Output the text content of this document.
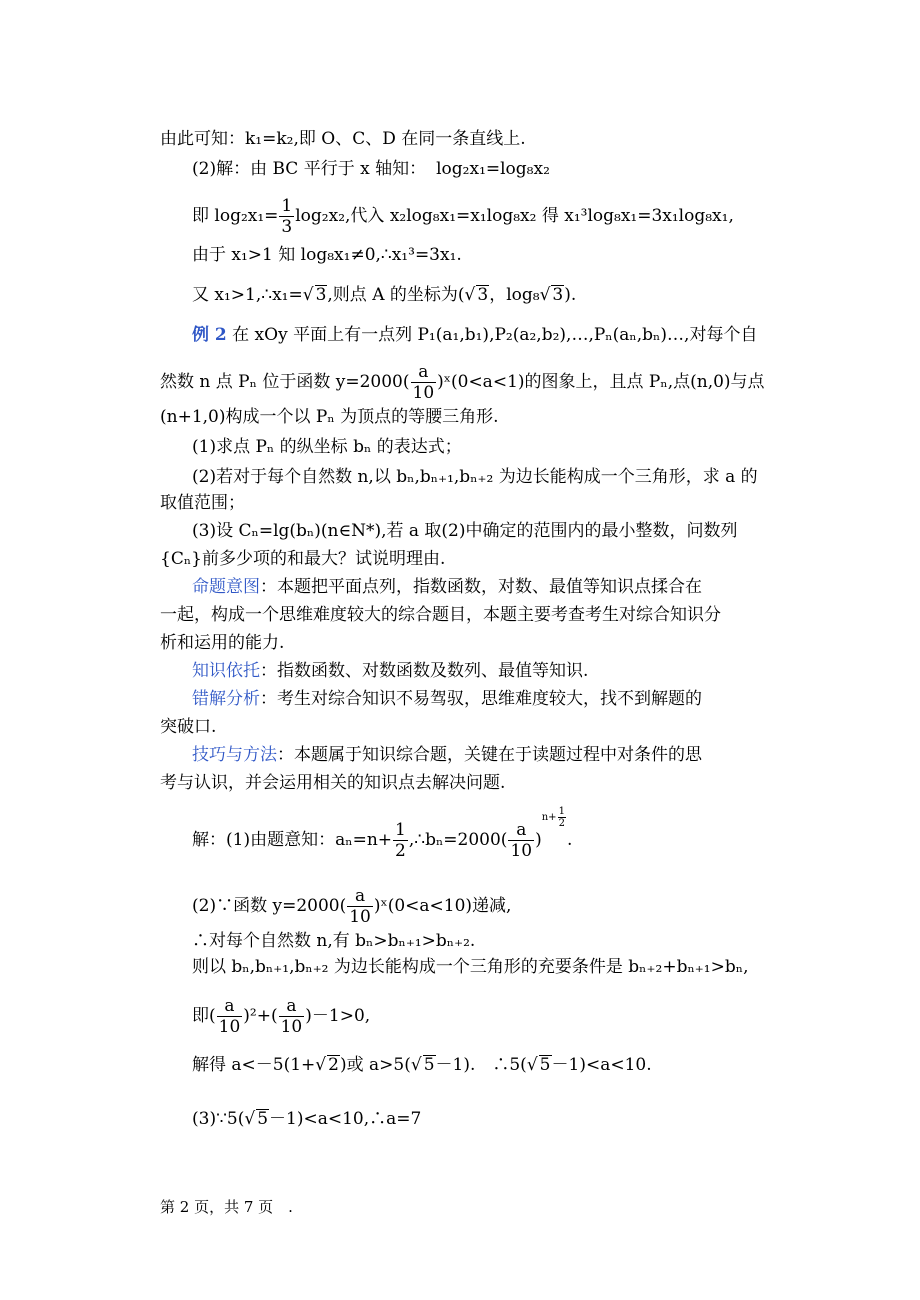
由此可知：k₁=k₂,即 O、C、D 在同一条直线上.
(2)解：由 BC 平行于 x 轴知： log₂x₁=log₈x₂
即 $\log_2x_1= \frac{1}{3} \log_2x_2$,代入 x₂log₈x₁=x₁log₈x₂ 得 x₁³log₈x₁=3x₁log₈x₁,
由于 x₁>1 知 log₈x₁≠0,∴x₁³=3x₁.
又 x₁>1,∴x₁=√ 3,则点 A 的坐标为(√ 3，log₈√ 3).
例 2 在 xOy 平面上有一点列 P₁(a₁,b₁),P₂(a₂,b₂),…,Pₙ(aₙ,bₙ)…,对每个自
然数 n 点 Pₙ 位于函数 $y=2000( \frac{a}{10}$ )ˣ(0<a<1)的图象上，且点 Pₙ,点(n,0)与点
(n+1,0)构成一个以 Pₙ 为顶点的等腰三角形.
(1)求点 Pₙ 的纵坐标 bₙ 的表达式；
(2)若对于每个自然数 n,以 bₙ,bₙ₊₁,bₙ₊₂ 为边长能构成一个三角形，求 a 的
取值范围；
(3)设 Cₙ=lg(bₙ)(n∈N*),若 a 取(2)中确定的范围内的最小整数，问数列
{Cₙ}前多少项的和最大？试说明理由.
命题意图：本题把平面点列，指数函数，对数、最值等知识点揉合在
一起，构成一个思维难度较大的综合题目，本题主要考查考生对综合知识分
析和运用的能力.
知识依托：指数函数、对数函数及数列、最值等知识.
错解分析：考生对综合知识不易驾驭，思维难度较大，找不到解题的
突破口.
技巧与方法：本题属于知识综合题，关键在于读题过程中对条件的思
考与认识，并会运用相关的知识点去解决问题.
解：(1)由题意知：$a_n=n+ \frac{1}{2}$ ,∴bₙ=2000( $\frac{a}{10} )n+ \frac{1}{2}$
.
(2)∵函数 $y=2000( \frac{a}{10}$ )ˣ(0<a<10)递减,
∴对每个自然数 n,有 bₙ>bₙ₊₁>bₙ₊₂.
则以 bₙ,bₙ₊₁,bₙ₊₂ 为边长能构成一个三角形的充要条件是 bₙ₊₂+bₙ₊₁>bₙ,
即( $\frac{a}{10} )^2+( \frac{a}{10} )-1>0$,
解得 a<－5(1+√ 2)或 a>5(√ 5－1).　∴5(√ 5－1)<a<10.
(3)∵5(√ 5－1)<a<10,∴a=7
第 2 页，共 7 页　.
